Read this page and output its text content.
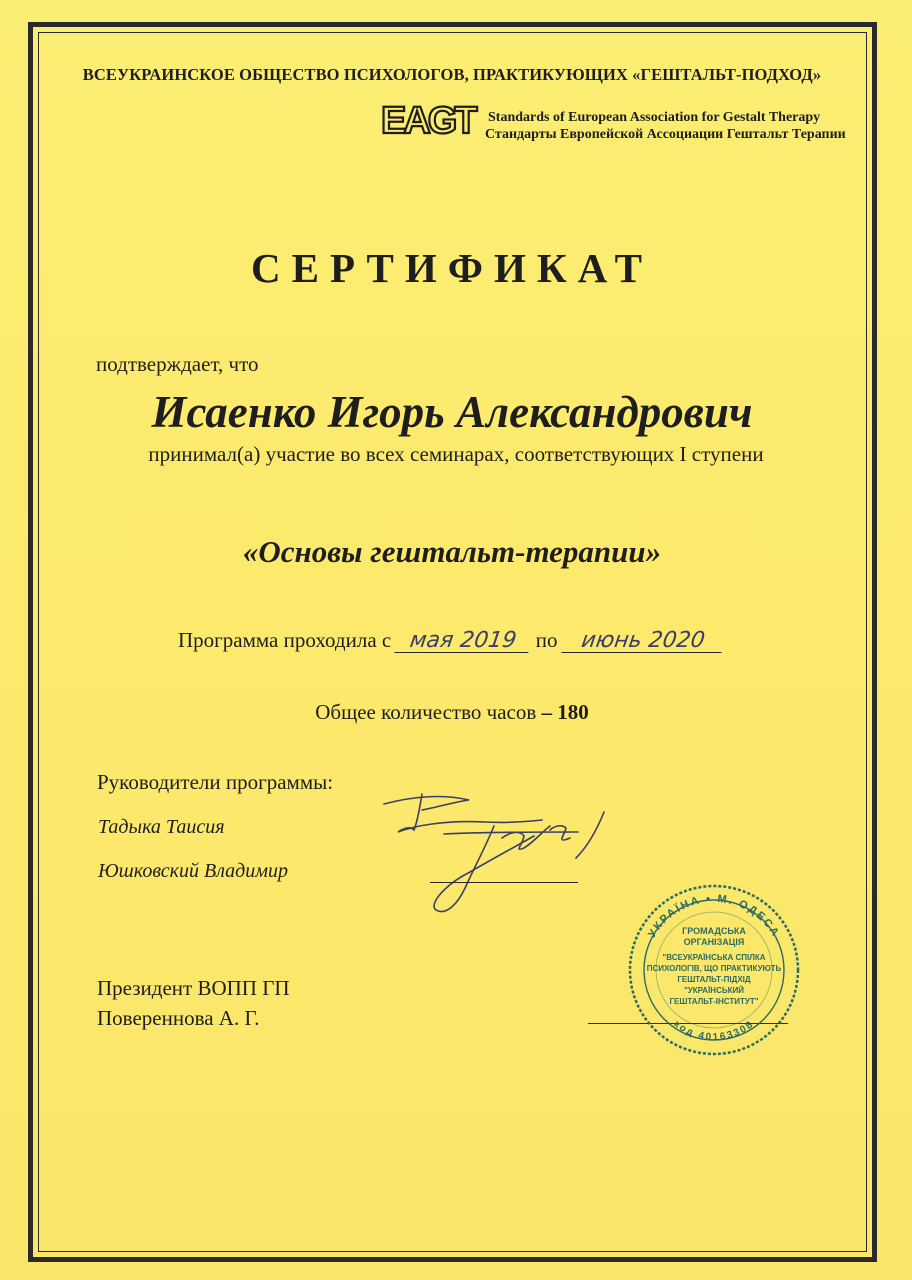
ВСЕУКРАИНСКОЕ ОБЩЕСТВО ПСИХОЛОГОВ, ПРАКТИКУЮЩИХ «ГЕШТАЛЬТ-ПОДХОД»
EAGT Standards of European Association for Gestalt Therapy
Стандарты Европейской Ассоциации Гештальт Терапии
СЕРТИФИКАТ
подтверждает, что
Исаенко Игорь Александрович
принимал(а) участие во всех семинарах, соответствующих I ступени
«Основы гештальт-терапии»
Программа проходила с мая 2019 по июнь 2020
Общее количество часов – 180
Руководители программы:
Тадыка Таисия
Юшковский Владимир
Президент ВОПП ГП
Повереннова А. Г.
УКРАЇНА • М. ОДЕСА
код 40163308
ГРОМАДСЬКА
ОРГАНІЗАЦІЯ
"ВСЕУКРАЇНСЬКА СПІЛКА
ПСИХОЛОГІВ, ЩО ПРАКТИКУЮТЬ
ГЕШТАЛЬТ-ПІДХІД
"УКРАЇНСЬКИЙ
ГЕШТАЛЬТ-ІНСТИТУТ"
